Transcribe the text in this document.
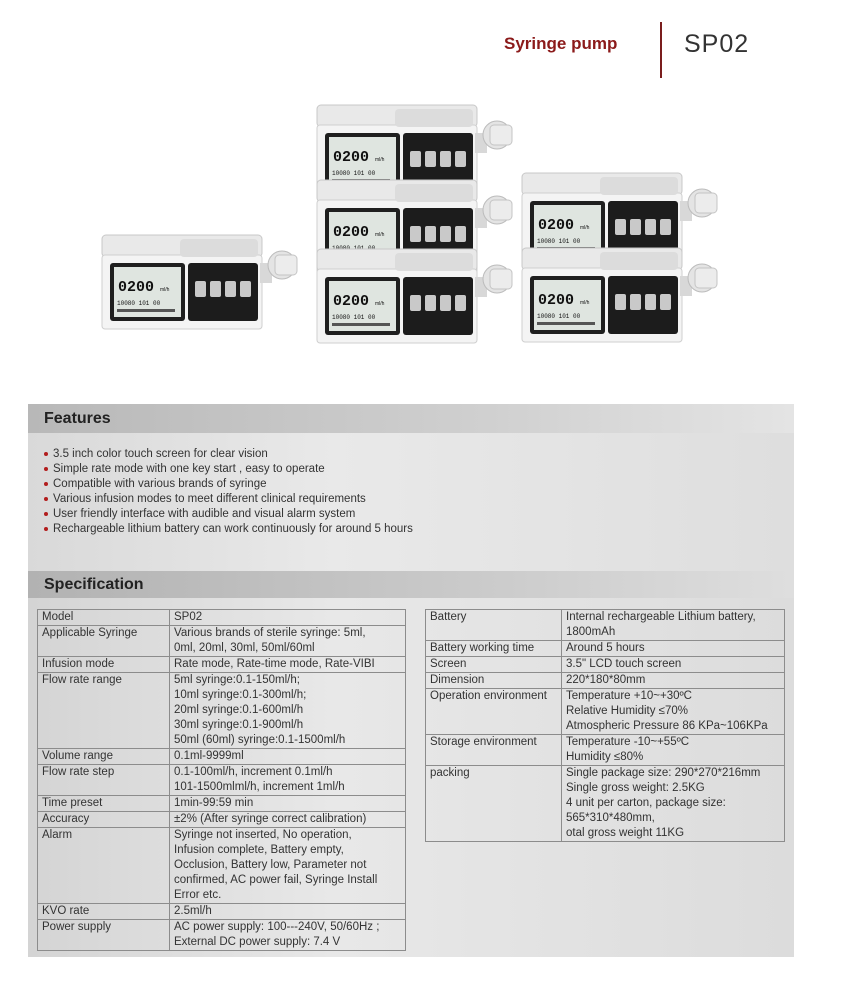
Syringe pump	SP02
0200 ml/h
10080 101 00
0200 ml/h
10080 101 00
0200 ml/h
0200 ml/h
10080 101 00
0200 ml/h
10080 101 00
0200 ml/h
10080 101 00
Features
3.5 inch color touch screen for clear vision
Simple rate mode with one key start , easy to operate
Compatible with various brands of syringe
Various infusion modes to meet different clinical requirements
User friendly interface with audible and visual alarm system
Rechargeable lithium battery can work continuously for around 5 hours
Specification
Model	SP02
Applicable Syringe	Various brands of sterile syringe: 5ml,
0ml, 20ml, 30ml, 50ml/60ml
Infusion mode	Rate mode, Rate-time mode, Rate-VIBI
Flow rate range	5ml syringe:0.1-150ml/h;
10ml syringe:0.1-300ml/h;
20ml syringe:0.1-600ml/h
30ml syringe:0.1-900ml/h
50ml (60ml) syringe:0.1-1500ml/h
Volume range	0.1ml-9999ml
Flow rate step	0.1-100ml/h, increment 0.1ml/h
101-1500mlml/h, increment 1ml/h
Time preset	1min-99:59 min
Accuracy	±2% (After syringe correct calibration)
Alarm	Syringe not inserted, No operation,
Infusion complete, Battery empty,
Occlusion, Battery low, Parameter not
confirmed, AC power fail, Syringe Install
Error etc.
KVO rate	2.5ml/h
Power supply	AC power supply: 100---240V, 50/60Hz ;
External DC power supply: 7.4 V
Battery	Internal rechargeable Lithium battery,
1800mAh
Battery working time	Around 5 hours
Screen	3.5" LCD touch screen
Dimension	220*180*80mm
Operation environment	Temperature +10~+30ºC
Relative Humidity ≤70%
Atmospheric Pressure 86 KPa~106KPa
Storage environment	Temperature -10~+55ºC
Humidity ≤80%
packing	Single package size: 290*270*216mm
Single gross weight: 2.5KG
4 unit per carton, package size:
565*310*480mm,
otal gross weight 11KG
